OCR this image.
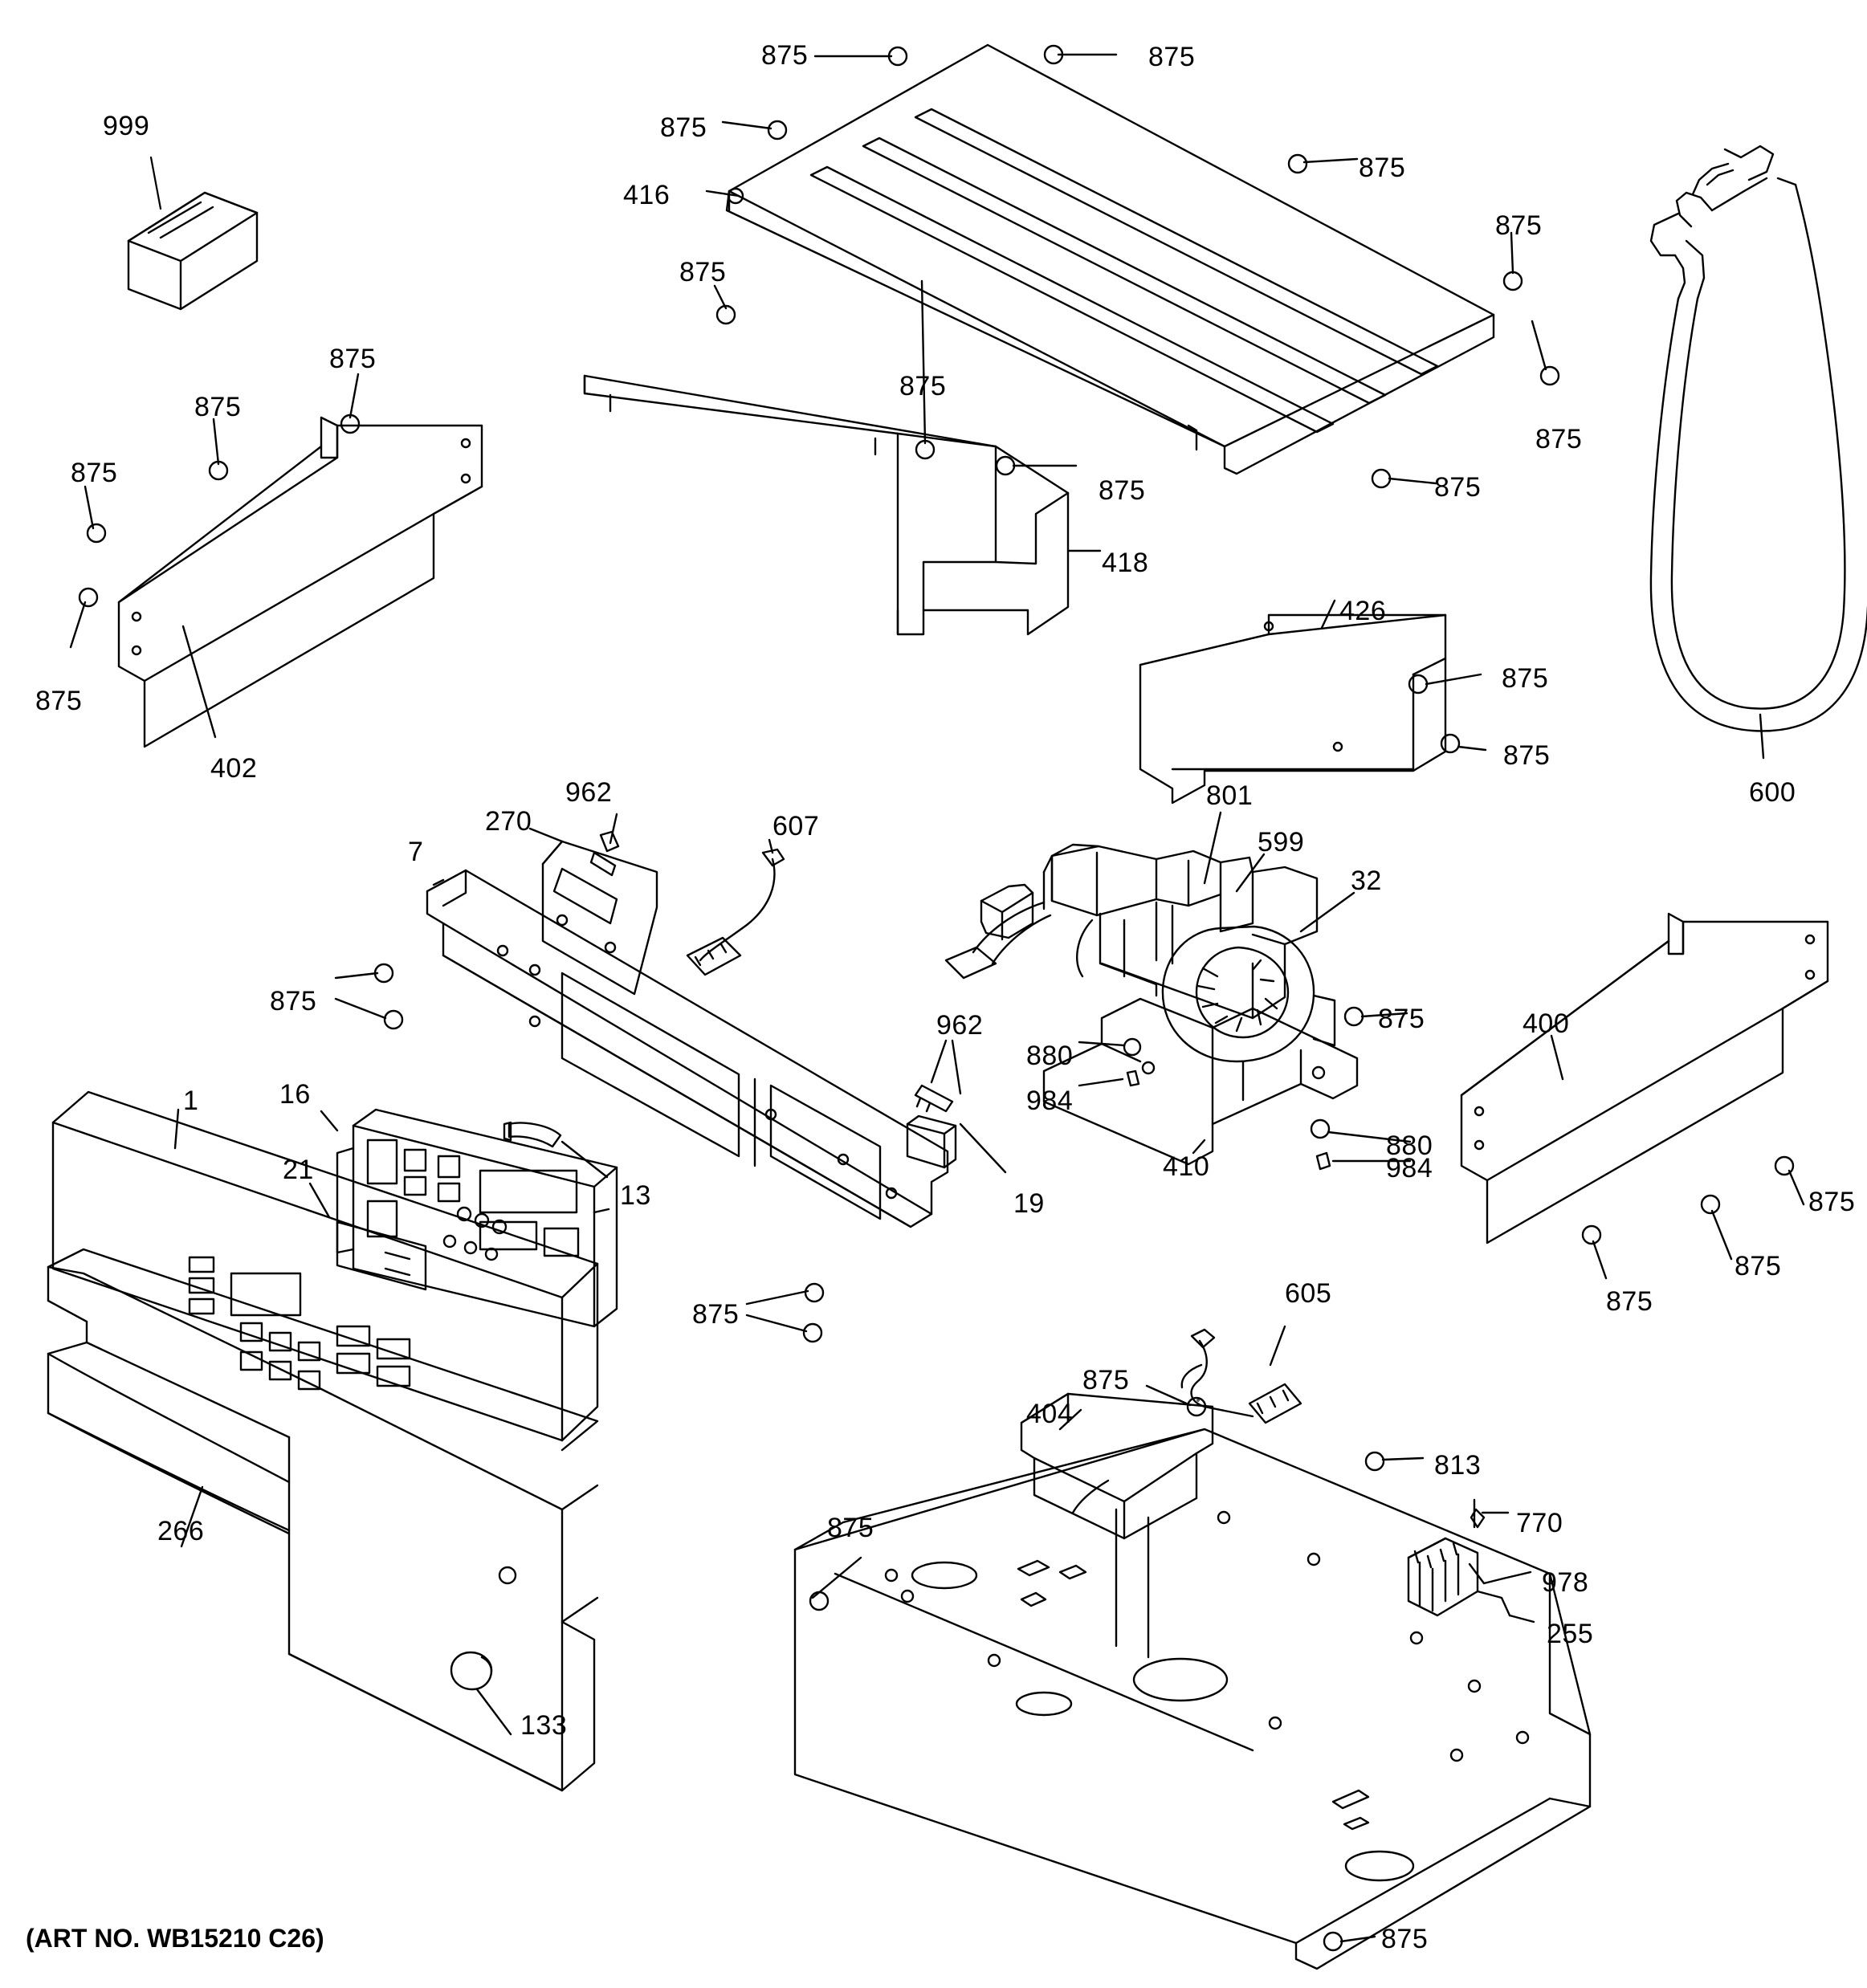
999
875	875
875
875
416
875
875
875
875
875
875
875
875
875
875
402
418
426
875
875
600
962
270	607
801
599
32
7
875
962
880
984
875
880
984
410
400
1	16
21
13	19	875
875
875
875
605
875
404
813
266	770
875
978
255
133
875
(ART NO. WB15210 C26)
